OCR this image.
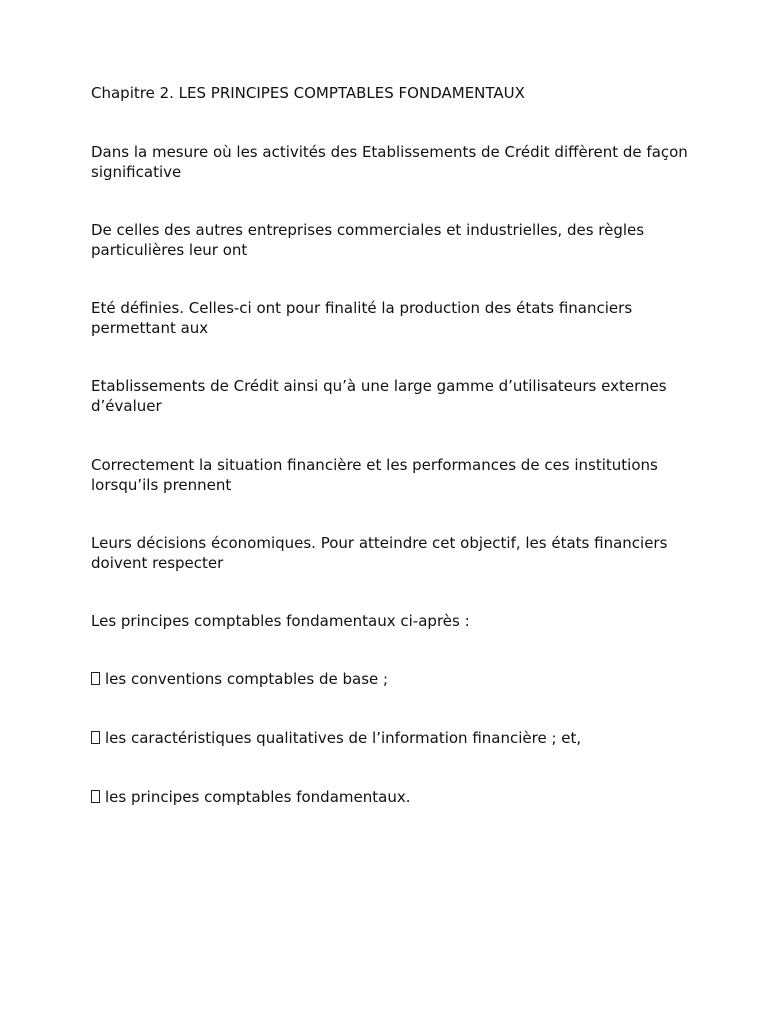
Chapitre 2. LES PRINCIPES COMPTABLES FONDAMENTAUX

Dans la mesure où les activités des Etablissements de Crédit diffèrent de façon significative

De celles des autres entreprises commerciales et industrielles, des règles particulières leur ont

Eté définies. Celles-ci ont pour finalité la production des états financiers permettant aux

Etablissements de Crédit ainsi qu’à une large gamme d’utilisateurs externes d’évaluer

Correctement la situation financière et les performances de ces institutions lorsqu’ils prennent

Leurs décisions économiques. Pour atteindre cet objectif, les états financiers doivent respecter

Les principes comptables fondamentaux ci-après :

les conventions comptables de base ;

les caractéristiques qualitatives de l’information financière ; et,

les principes comptables fondamentaux.
